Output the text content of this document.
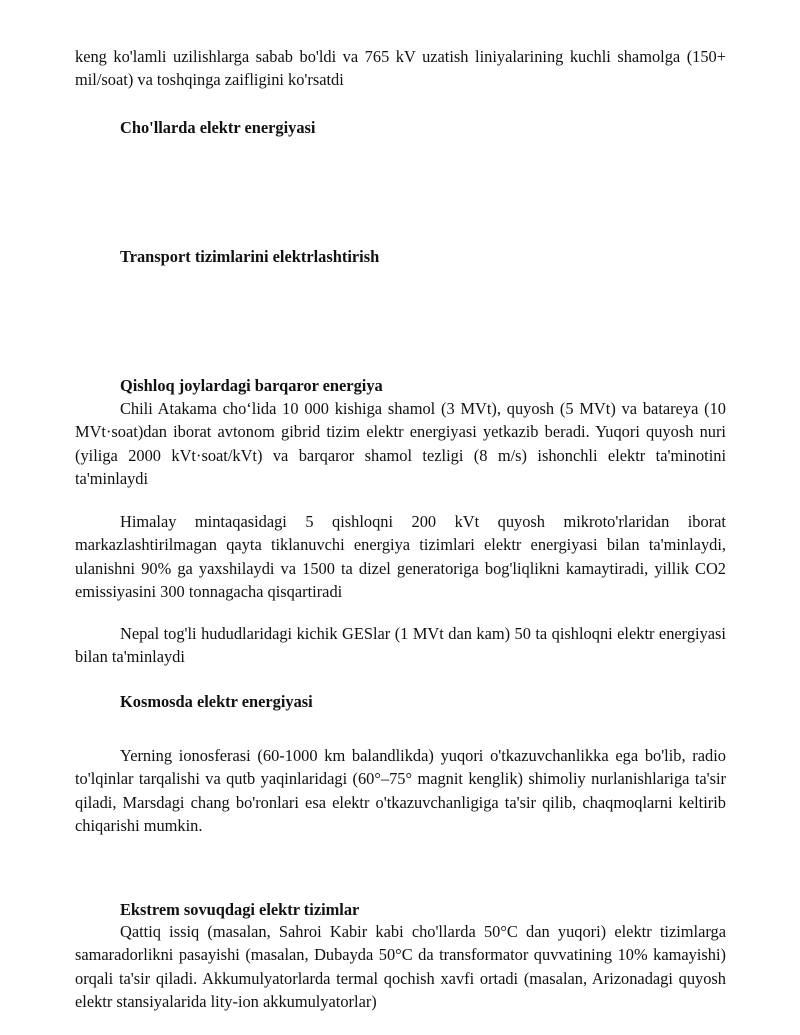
keng ko'lamli uzilishlarga sabab bo'ldi va 765 kV uzatish liniyalarining kuchli shamolga (150+ mil/soat) va toshqinga zaifligini ko'rsatdi

Cho'llarda elektr energiyasi
Transport tizimlarini elektrlashtirish
Qishloq joylardagi barqaror energiya

Chili Atakama cho‘lida 10 000 kishiga shamol (3 MVt), quyosh (5 MVt) va batareya (10 MVt·soat)dan iborat avtonom gibrid tizim elektr energiyasi yetkazib beradi. Yuqori quyosh nuri (yiliga 2000 kVt·soat/kVt) va barqaror shamol tezligi (8 m/s) ishonchli elektr ta'minotini ta'minlaydi

Himalay mintaqasidagi 5 qishloqni 200 kVt quyosh mikroto'rlaridan iborat markazlashtirilmagan qayta tiklanuvchi energiya tizimlari elektr energiyasi bilan ta'minlaydi, ulanishni 90% ga yaxshilaydi va 1500 ta dizel generatoriga bog'liqlikni kamaytiradi, yillik CO2 emissiyasini 300 tonnagacha qisqartiradi

Nepal tog'li hududlaridagi kichik GESlar (1 MVt dan kam) 50 ta qishloqni elektr energiyasi bilan ta'minlaydi

Kosmosda elektr energiyasi

Yerning ionosferasi (60-1000 km balandlikda) yuqori o'tkazuvchanlikka ega bo'lib, radio to'lqinlar tarqalishi va qutb yaqinlaridagi (60°–75° magnit kenglik) shimoliy nurlanishlariga ta'sir qiladi, Marsdagi chang bo'ronlari esa elektr o'tkazuvchanligiga ta'sir qilib, chaqmoqlarni keltirib chiqarishi mumkin.

Ekstrem sovuqdagi elektr tizimlar

Qattiq issiq (masalan, Sahroi Kabir kabi cho'llarda 50°C dan yuqori) elektr tizimlarga samaradorlikni pasayishi (masalan, Dubayda 50°C da transformator quvvatining 10% kamayishi) orqali ta'sir qiladi. Akkumulyatorlarda termal qochish xavfi ortadi (masalan, Arizonadagi quyosh elektr stansiyalarida lity-ion akkumulyatorlar)
